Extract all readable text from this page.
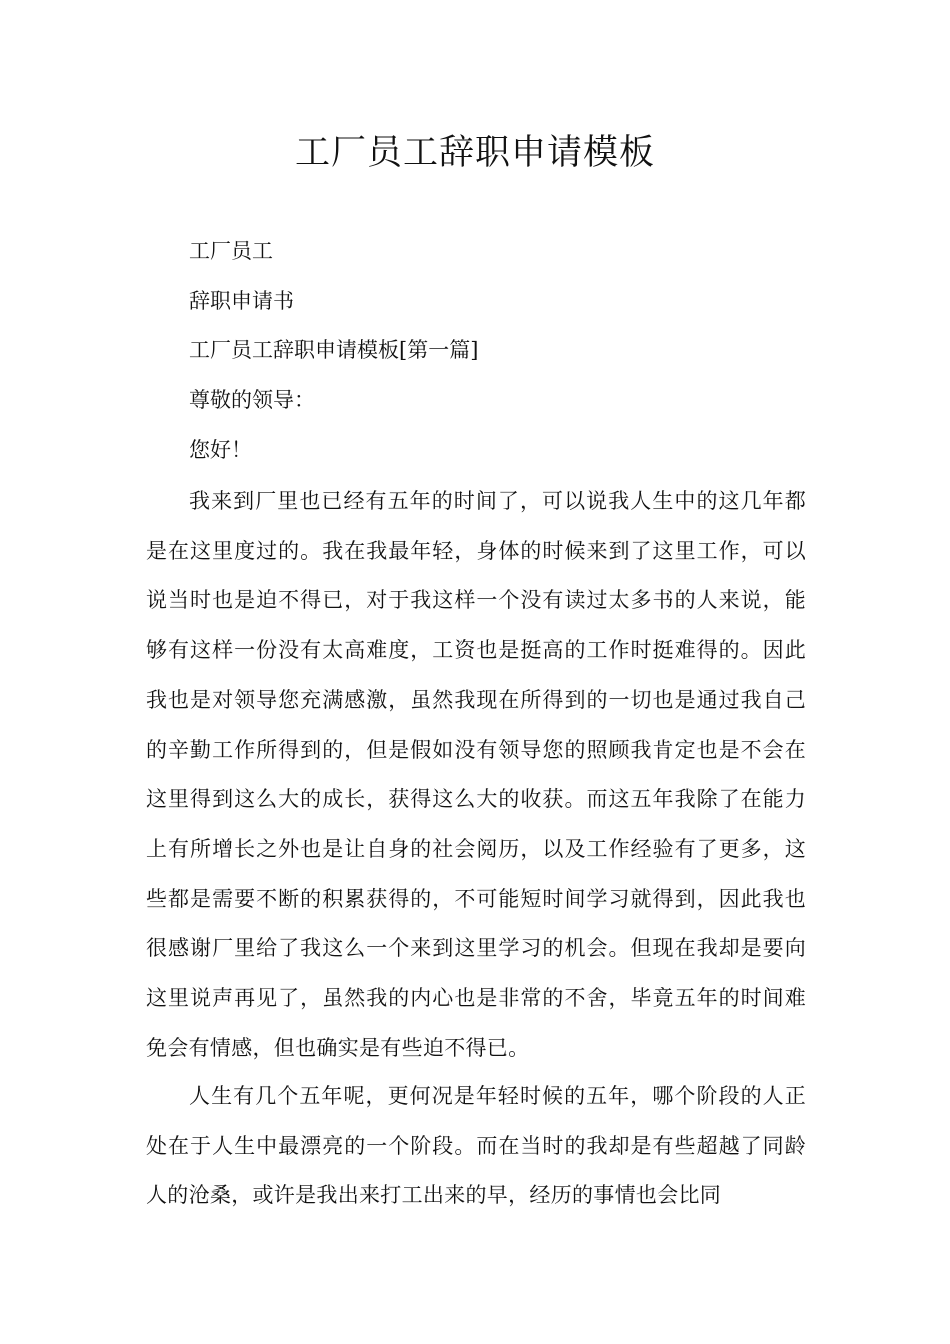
工厂员工辞职申请模板

工厂员工

辞职申请书

工厂员工辞职申请模板[第一篇]

尊敬的领导：

您好！

我来到厂里也已经有五年的时间了，可以说我人生中的这几年都是在这里度过的。我在我最年轻，身体的时候来到了这里工作，可以说当时也是迫不得已，对于我这样一个没有读过太多书的人来说，能够有这样一份没有太高难度，工资也是挺高的工作时挺难得的。因此我也是对领导您充满感激，虽然我现在所得到的一切也是通过我自己的辛勤工作所得到的，但是假如没有领导您的照顾我肯定也是不会在这里得到这么大的成长，获得这么大的收获。而这五年我除了在能力上有所增长之外也是让自身的社会阅历，以及工作经验有了更多，这些都是需要不断的积累获得的，不可能短时间学习就得到，因此我也很感谢厂里给了我这么一个来到这里学习的机会。但现在我却是要向这里说声再见了，虽然我的内心也是非常的不舍，毕竟五年的时间难免会有情感，但也确实是有些迫不得已。

人生有几个五年呢，更何况是年轻时候的五年，哪个阶段的人正处在于人生中最漂亮的一个阶段。而在当时的我却是有些超越了同龄人的沧桑，或许是我出来打工出来的早，经历的事情也会比同
